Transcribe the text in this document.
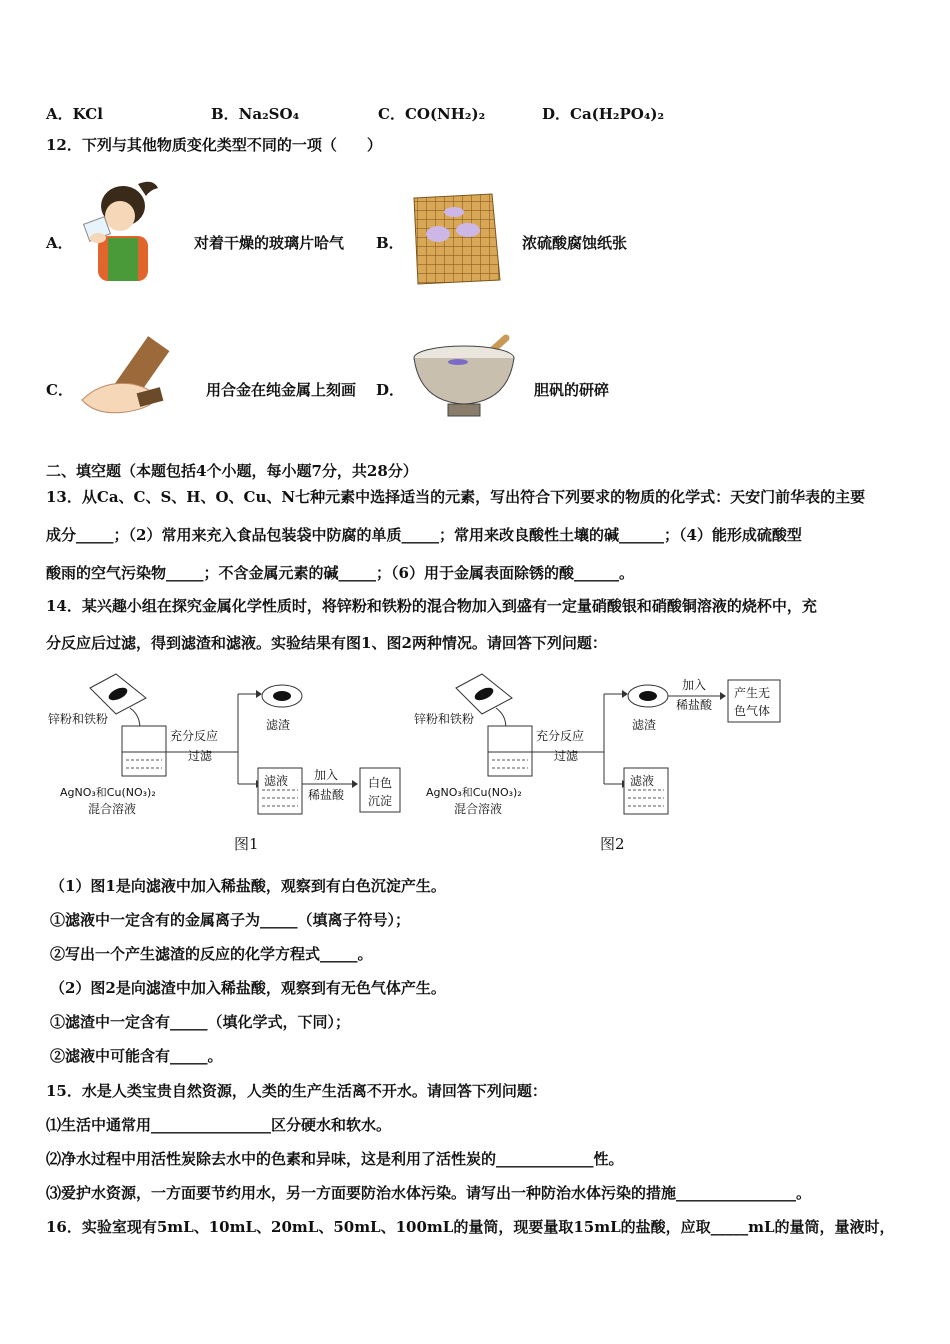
A．KCl	B．Na₂SO₄	C．CO(NH₂)₂	D．Ca(H₂PO₄)₂
12．下列与其他物质变化类型不同的一项（　　）
A．	对着干燥的玻璃片哈气 B．	浓硫酸腐蚀纸张
C．	用合金在纯金属上刻画 D．	胆矾的研碎
二、填空题（本题包括4个小题，每小题7分，共28分）
13．从Ca、C、S、H、O、Cu、N七种元素中选择适当的元素，写出符合下列要求的物质的化学式：天安门前华表的主要
成分_____；（2）常用来充入食品包装袋中防腐的单质_____；常用来改良酸性土壤的碱______；（4）能形成硫酸型
酸雨的空气污染物_____；不含金属元素的碱_____；（6）用于金属表面除锈的酸______。
14．某兴趣小组在探究金属化学性质时，将锌粉和铁粉的混合物加入到盛有一定量硝酸银和硝酸铜溶液的烧杯中，充
分反应后过滤，得到滤渣和滤液。实验结果有图1、图2两种情况。请回答下列问题：
锌粉和铁粉
充分反应
过滤
滤渣
滤液 加入
稀盐酸
白色
沉淀
AgNO₃和Cu(NO₃)₂
混合溶液
图1
锌粉和铁粉
充分反应
过滤
滤渣
滤液
加入
稀盐酸
产生无
色气体
AgNO₃和Cu(NO₃)₂
混合溶液
图2
（1）图1是向滤液中加入稀盐酸，观察到有白色沉淀产生。
①滤液中一定含有的金属离子为_____（填离子符号）；
②写出一个产生滤渣的反应的化学方程式_____。
（2）图2是向滤渣中加入稀盐酸，观察到有无色气体产生。
①滤渣中一定含有_____（填化学式，下同）；
②滤液中可能含有_____。
15．水是人类宝贵自然资源，人类的生产生活离不开水。请回答下列问题：
⑴生活中通常用________________区分硬水和软水。
⑵净水过程中用活性炭除去水中的色素和异味，这是利用了活性炭的_____________性。
⑶爱护水资源，一方面要节约用水，另一方面要防治水体污染。请写出一种防治水体污染的措施________________。
16．实验室现有5mL、10mL、20mL、50mL、100mL的量筒，现要量取15mL的盐酸，应取_____mL的量筒，量液时，
